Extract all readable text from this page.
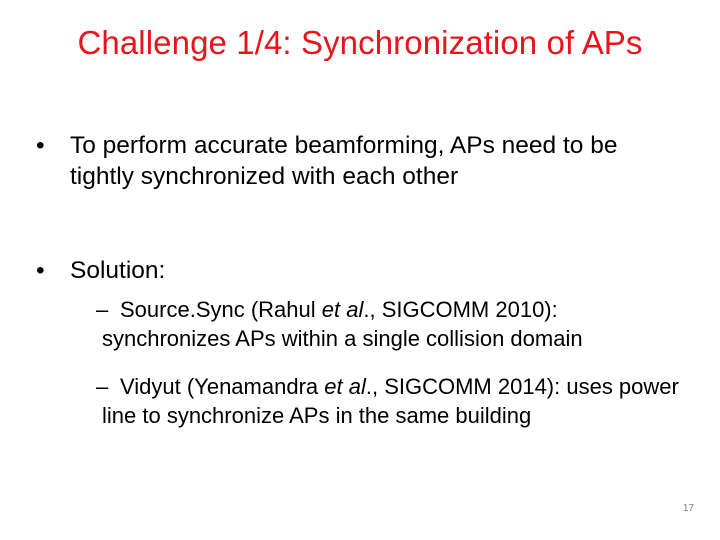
Challenge 1/4: Synchronization of APs
•	To perform accurate beamforming, APs need to be tightly synchronized with each other
•	Solution:
– Source.Sync (Rahul et al., SIGCOMM 2010): synchronizes APs within a single collision domain
– Vidyut (Yenamandra et al., SIGCOMM 2014): uses power line to synchronize APs in the same building
17
